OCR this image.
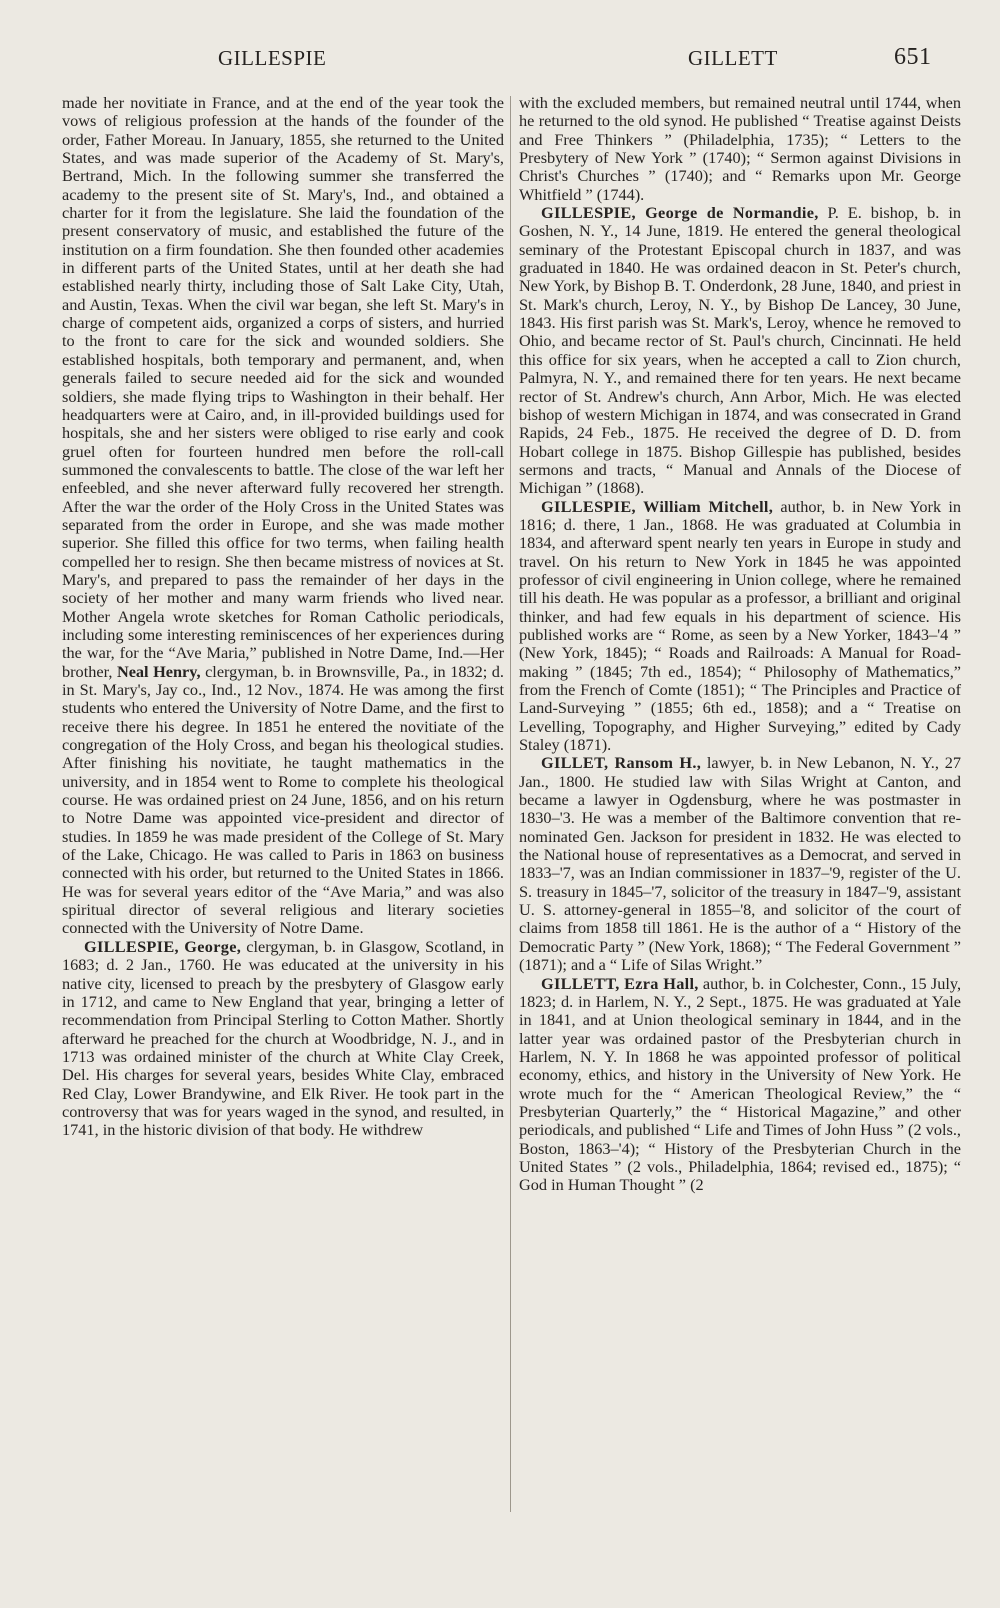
GILLESPIE	GILLETT	651

made her novitiate in France, and at the end of the year took the vows of religious profession at the hands of the founder of the order, Father Moreau. In January, 1855, she returned to the United States, and was made superior of the Academy of St. Mary's, Bertrand, Mich. In the following summer she transferred the academy to the present site of St. Mary's, Ind., and obtained a charter for it from the legislature. She laid the foundation of the present conservatory of music, and established the future of the institution on a firm foundation. She then founded other academies in different parts of the United States, until at her death she had established nearly thirty, including those of Salt Lake City, Utah, and Austin, Texas. When the civil war began, she left St. Mary's in charge of competent aids, organized a corps of sisters, and hurried to the front to care for the sick and wounded soldiers. She established hospitals, both temporary and permanent, and, when generals failed to secure needed aid for the sick and wounded soldiers, she made flying trips to Washington in their behalf. Her headquarters were at Cairo, and, in ill-provided buildings used for hospitals, she and her sisters were obliged to rise early and cook gruel often for fourteen hundred men before the roll-call summoned the convalescents to battle. The close of the war left her enfeebled, and she never afterward fully recovered her strength. After the war the order of the Holy Cross in the United States was separated from the order in Europe, and she was made mother superior. She filled this office for two terms, when failing health compelled her to resign. She then became mistress of novices at St. Mary's, and prepared to pass the remainder of her days in the society of her mother and many warm friends who lived near. Mother Angela wrote sketches for Roman Catholic periodicals, including some interesting reminiscences of her experiences during the war, for the “Ave Maria,” published in Notre Dame, Ind.—Her brother, Neal Henry, clergyman, b. in Brownsville, Pa., in 1832; d. in St. Mary's, Jay co., Ind., 12 Nov., 1874. He was among the first students who entered the University of Notre Dame, and the first to receive there his degree. In 1851 he entered the novitiate of the congregation of the Holy Cross, and began his theological studies. After finishing his novitiate, he taught mathematics in the university, and in 1854 went to Rome to complete his theological course. He was ordained priest on 24 June, 1856, and on his return to Notre Dame was appointed vice-president and director of studies. In 1859 he was made president of the College of St. Mary of the Lake, Chicago. He was called to Paris in 1863 on business connected with his order, but returned to the United States in 1866. He was for several years editor of the “Ave Maria,” and was also spiritual director of several religious and literary societies connected with the University of Notre Dame.

GILLESPIE, George, clergyman, b. in Glasgow, Scotland, in 1683; d. 2 Jan., 1760. He was educated at the university in his native city, licensed to preach by the presbytery of Glasgow early in 1712, and came to New England that year, bringing a letter of recommendation from Principal Sterling to Cotton Mather. Shortly afterward he preached for the church at Woodbridge, N. J., and in 1713 was ordained minister of the church at White Clay Creek, Del. His charges for several years, besides White Clay, embraced Red Clay, Lower Brandywine, and Elk River. He took part in the controversy that was for years waged in the synod, and resulted, in 1741, in the historic division of that body. He withdrew

with the excluded members, but remained neutral until 1744, when he returned to the old synod. He published “ Treatise against Deists and Free Thinkers ” (Philadelphia, 1735); “ Letters to the Presbytery of New York ” (1740); “ Sermon against Divisions in Christ's Churches ” (1740); and “ Remarks upon Mr. George Whitfield ” (1744).

GILLESPIE, George de Normandie, P. E. bishop, b. in Goshen, N. Y., 14 June, 1819. He entered the general theological seminary of the Protestant Episcopal church in 1837, and was graduated in 1840. He was ordained deacon in St. Peter's church, New York, by Bishop B. T. Onderdonk, 28 June, 1840, and priest in St. Mark's church, Leroy, N. Y., by Bishop De Lancey, 30 June, 1843. His first parish was St. Mark's, Leroy, whence he removed to Ohio, and became rector of St. Paul's church, Cincinnati. He held this office for six years, when he accepted a call to Zion church, Palmyra, N. Y., and remained there for ten years. He next became rector of St. Andrew's church, Ann Arbor, Mich. He was elected bishop of western Michigan in 1874, and was consecrated in Grand Rapids, 24 Feb., 1875. He received the degree of D. D. from Hobart college in 1875. Bishop Gillespie has published, besides sermons and tracts, “ Manual and Annals of the Diocese of Michigan ” (1868).

GILLESPIE, William Mitchell, author, b. in New York in 1816; d. there, 1 Jan., 1868. He was graduated at Columbia in 1834, and afterward spent nearly ten years in Europe in study and travel. On his return to New York in 1845 he was appointed professor of civil engineering in Union college, where he remained till his death. He was popular as a professor, a brilliant and original thinker, and had few equals in his department of science. His published works are “ Rome, as seen by a New Yorker, 1843–'4 ” (New York, 1845); “ Roads and Railroads: A Manual for Road-making ” (1845; 7th ed., 1854); “ Philosophy of Mathematics,” from the French of Comte (1851); “ The Principles and Practice of Land-Surveying ” (1855; 6th ed., 1858); and a “ Treatise on Levelling, Topography, and Higher Surveying,” edited by Cady Staley (1871).

GILLET, Ransom H., lawyer, b. in New Lebanon, N. Y., 27 Jan., 1800. He studied law with Silas Wright at Canton, and became a lawyer in Ogdensburg, where he was postmaster in 1830–'3. He was a member of the Baltimore convention that re-nominated Gen. Jackson for president in 1832. He was elected to the National house of representatives as a Democrat, and served in 1833–'7, was an Indian commissioner in 1837–'9, register of the U. S. treasury in 1845–'7, solicitor of the treasury in 1847–'9, assistant U. S. attorney-general in 1855–'8, and solicitor of the court of claims from 1858 till 1861. He is the author of a “ History of the Democratic Party ” (New York, 1868); “ The Federal Government ” (1871); and a “ Life of Silas Wright.”

GILLETT, Ezra Hall, author, b. in Colchester, Conn., 15 July, 1823; d. in Harlem, N. Y., 2 Sept., 1875. He was graduated at Yale in 1841, and at Union theological seminary in 1844, and in the latter year was ordained pastor of the Presbyterian church in Harlem, N. Y. In 1868 he was appointed professor of political economy, ethics, and history in the University of New York. He wrote much for the “ American Theological Review,” the “ Presbyterian Quarterly,” the “ Historical Magazine,” and other periodicals, and published “ Life and Times of John Huss ” (2 vols., Boston, 1863–'4); “ History of the Presbyterian Church in the United States ” (2 vols., Philadelphia, 1864; revised ed., 1875); “ God in Human Thought ” (2
